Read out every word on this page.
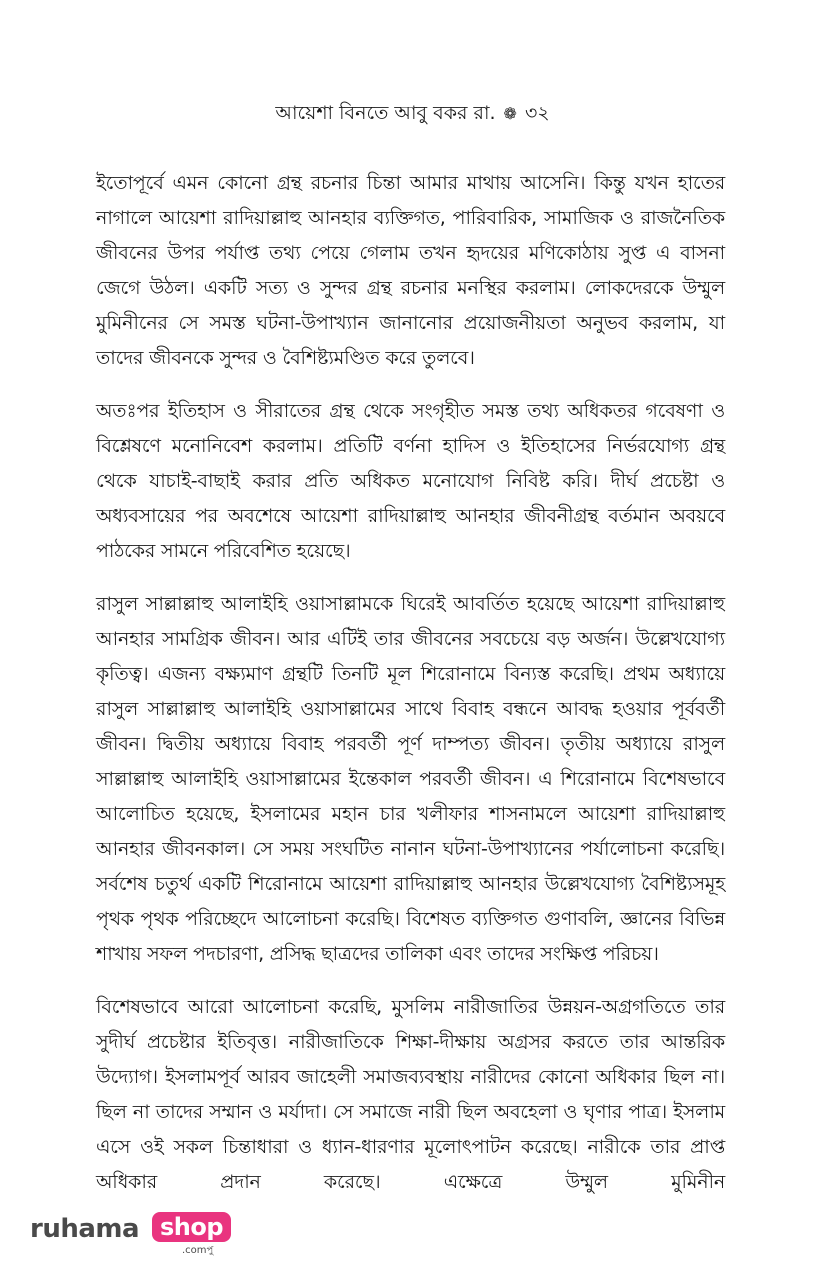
আয়েশা বিনতে আবু বকর রা. ❁ ৩২

ইতোপূর্বে এমন কোনো গ্রন্থ রচনার চিন্তা আমার মাথায় আসেনি। কিন্তু যখন হাতের নাগালে আয়েশা রাদিয়াল্লাহু আনহার ব্যক্তিগত, পারিবারিক, সামাজিক ও রাজনৈতিক জীবনের উপর পর্যাপ্ত তথ্য পেয়ে গেলাম তখন হৃদয়ের মণিকোঠায় সুপ্ত এ বাসনা জেগে উঠল। একটি সত্য ও সুন্দর গ্রন্থ রচনার মনস্থির করলাম। লোকদেরকে উম্মুল মুমিনীনের সে সমস্ত ঘটনা-উপাখ্যান জানানোর প্রয়োজনীয়তা অনুভব করলাম, যা তাদের জীবনকে সুন্দর ও বৈশিষ্ট্যমণ্ডিত করে তুলবে।

অতঃপর ইতিহাস ও সীরাতের গ্রন্থ থেকে সংগৃহীত সমস্ত তথ্য অধিকতর গবেষণা ও বিশ্লেষণে মনোনিবেশ করলাম। প্রতিটি বর্ণনা হাদিস ও ইতিহাসের নির্ভরযোগ্য গ্রন্থ থেকে যাচাই-বাছাই করার প্রতি অধিকত মনোযোগ নিবিষ্ট করি। দীর্ঘ প্রচেষ্টা ও অধ্যবসায়ের পর অবশেষে আয়েশা রাদিয়াল্লাহু আনহার জীবনীগ্রন্থ বর্তমান অবয়বে পাঠকের সামনে পরিবেশিত হয়েছে।

রাসুল সাল্লাল্লাহু আলাইহি ওয়াসাল্লামকে ঘিরেই আবর্তিত হয়েছে আয়েশা রাদিয়াল্লাহু আনহার সামগ্রিক জীবন। আর এটিই তার জীবনের সবচেয়ে বড় অর্জন। উল্লেখযোগ্য কৃতিত্ব। এজন্য বক্ষ্যমাণ গ্রন্থটি তিনটি মূল শিরোনামে বিন্যস্ত করেছি। প্রথম অধ্যায়ে রাসুল সাল্লাল্লাহু আলাইহি ওয়াসাল্লামের সাথে বিবাহ বন্ধনে আবদ্ধ হওয়ার পূর্ববর্তী জীবন। দ্বিতীয় অধ্যায়ে বিবাহ পরবর্তী পূর্ণ দাম্পত্য জীবন। তৃতীয় অধ্যায়ে রাসুল সাল্লাল্লাহু আলাইহি ওয়াসাল্লামের ইন্তেকাল পরবর্তী জীবন। এ শিরোনামে বিশেষভাবে আলোচিত হয়েছে, ইসলামের মহান চার খলীফার শাসনামলে আয়েশা রাদিয়াল্লাহু আনহার জীবনকাল। সে সময় সংঘটিত নানান ঘটনা-উপাখ্যানের পর্যালোচনা করেছি। সর্বশেষ চতুর্থ একটি শিরোনামে আয়েশা রাদিয়াল্লাহু আনহার উল্লেখযোগ্য বৈশিষ্ট্যসমূহ পৃথক পৃথক পরিচ্ছেদে আলোচনা করেছি। বিশেষত ব্যক্তিগত গুণাবলি, জ্ঞানের বিভিন্ন শাখায় সফল পদচারণা, প্রসিদ্ধ ছাত্রদের তালিকা এবং তাদের সংক্ষিপ্ত পরিচয়।

বিশেষভাবে আরো আলোচনা করেছি, মুসলিম নারীজাতির উন্নয়ন-অগ্রগতিতে তার সুদীর্ঘ প্রচেষ্টার ইতিবৃত্ত। নারীজাতিকে শিক্ষা-দীক্ষায় অগ্রসর করতে তার আন্তরিক উদ্যোগ। ইসলামপূর্ব আরব জাহেলী সমাজব্যবস্থায় নারীদের কোনো অধিকার ছিল না। ছিল না তাদের সম্মান ও মর্যাদা। সে সমাজে নারী ছিল অবহেলা ও ঘৃণার পাত্র। ইসলাম এসে ওই সকল চিন্তাধারা ও ধ্যান-ধারণার মূলোৎপাটন করেছে। নারীকে তার প্রাপ্ত অধিকার প্রদান করেছে। এক্ষেত্রে উম্মুল মুমিনীন

ruhama shop
.comপু
